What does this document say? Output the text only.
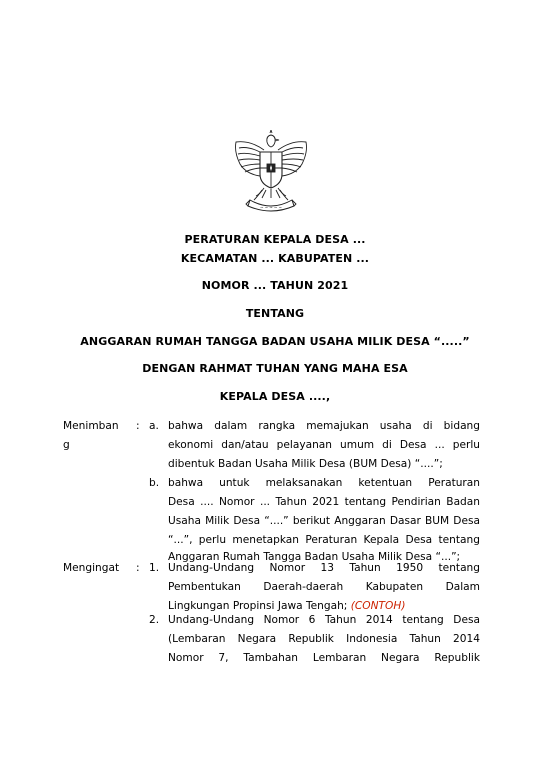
~ ~ ~ ~ ~
PERATURAN KEPALA DESA ...
KECAMATAN ... KABUPATEN ...
NOMOR ... TAHUN 2021
TENTANG
ANGGARAN RUMAH TANGGA BADAN USAHA MILIK DESA “.....”
DENGAN RAHMAT TUHAN YANG MAHA ESA
KEPALA DESA ....,
Menimban
g
: a. bahwa dalam rangka memajukan usaha di bidang
ekonomi dan/atau pelayanan umum di Desa ... perlu
dibentuk Badan Usaha Milik Desa (BUM Desa) “....”;
b. bahwa untuk melaksanakan ketentuan Peraturan
Desa .... Nomor ... Tahun 2021 tentang Pendirian Badan
Usaha Milik Desa “....” berikut Anggaran Dasar BUM Desa
“...”, perlu menetapkan Peraturan Kepala Desa tentang
Anggaran Rumah Tangga Badan Usaha Milik Desa “...”;
Mengingat : 1. Undang-Undang Nomor 13 Tahun 1950 tentang
Pembentukan Daerah-daerah Kabupaten Dalam
Lingkungan Propinsi Jawa Tengah; (CONTOH)
2. Undang-Undang Nomor 6 Tahun 2014 tentang Desa
(Lembaran Negara Republik Indonesia Tahun 2014
Nomor 7, Tambahan Lembaran Negara Republik
